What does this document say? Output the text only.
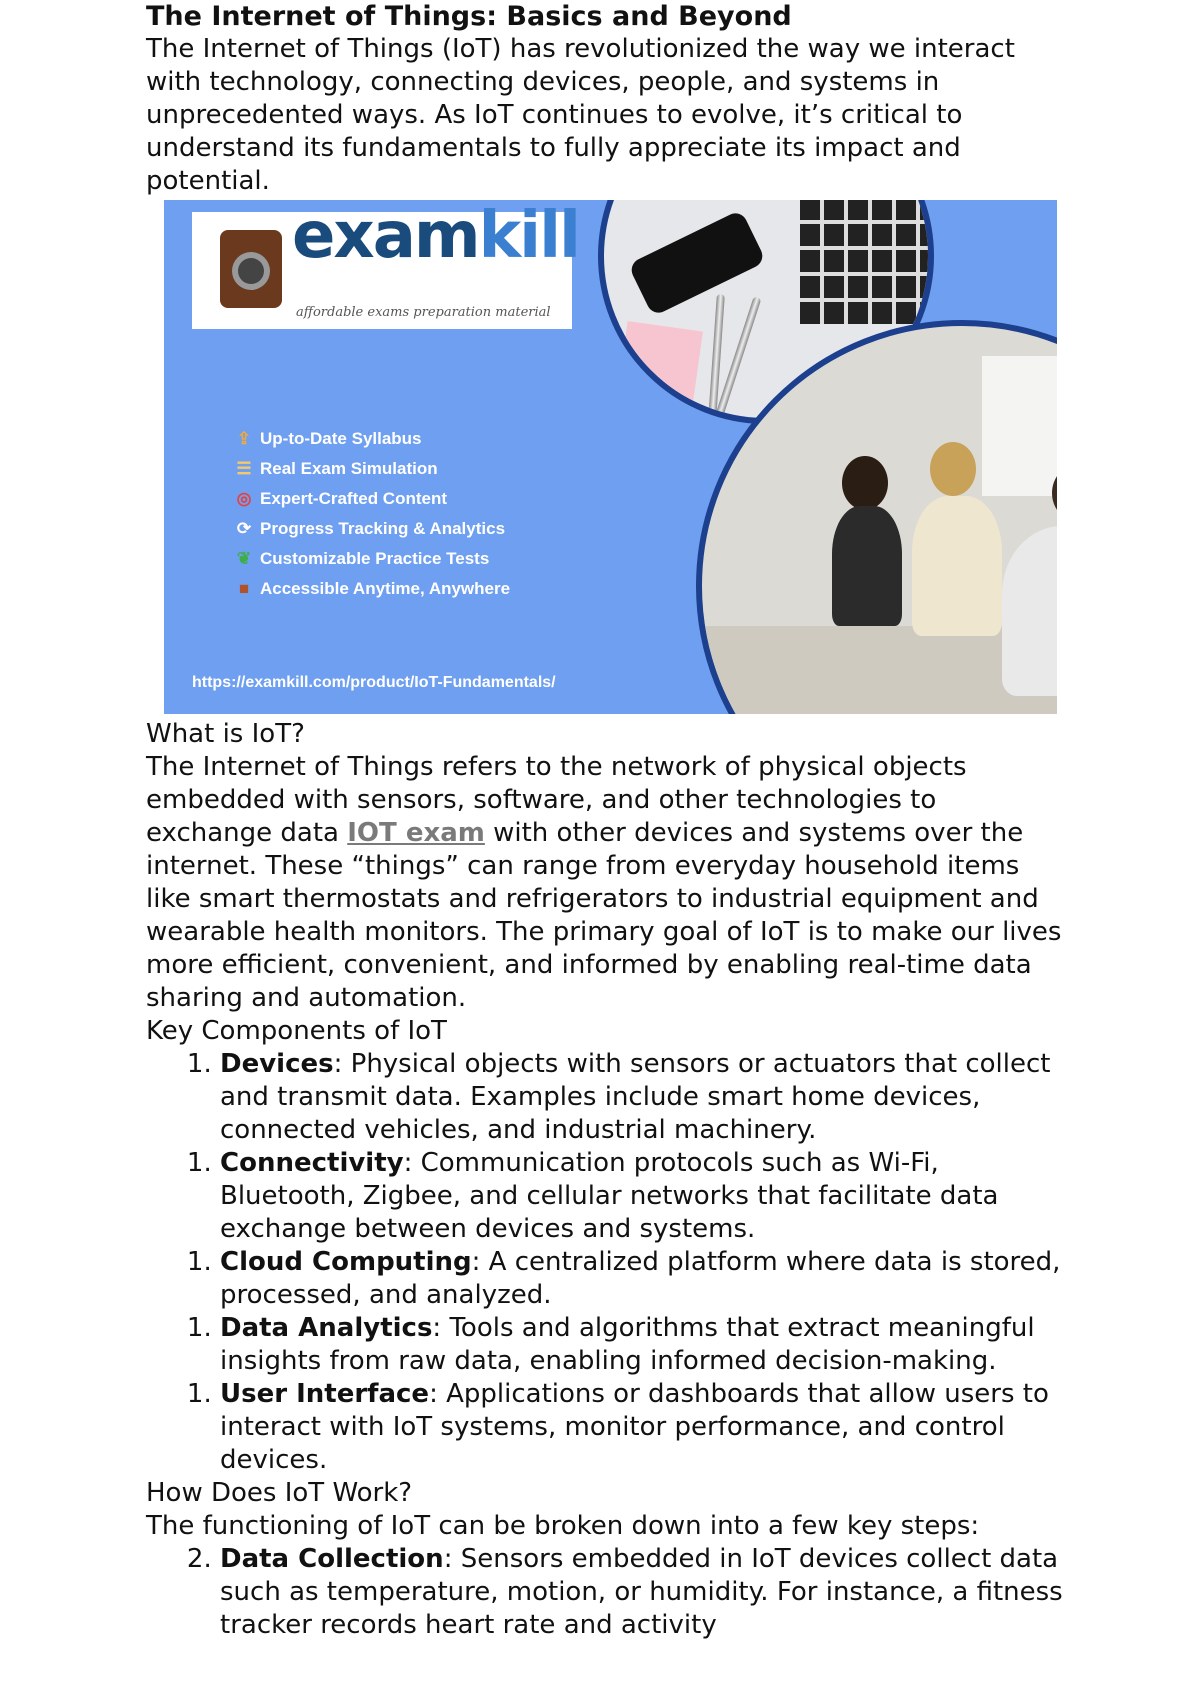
The Internet of Things: Basics and Beyond

The Internet of Things (IoT) has revolutionized the way we interact with technology, connecting devices, people, and systems in unprecedented ways. As IoT continues to evolve, it’s critical to understand its fundamentals to fully appreciate its impact and potential.

examkill
affordable exams preparation material
⇪ Up-to-Date Syllabus
☰ Real Exam Simulation
◎ Expert-Crafted Content
⟳ Progress Tracking & Analytics
❦ Customizable Practice Tests
■ Accessible Anytime, Anywhere
https://examkill.com/product/IoT-Fundamentals/

What is IoT?

The Internet of Things refers to the network of physical objects embedded with sensors, software, and other technologies to exchange data IOT exam with other devices and systems over the internet. These “things” can range from everyday household items like smart thermostats and refrigerators to industrial equipment and wearable health monitors. The primary goal of IoT is to make our lives more efficient, convenient, and informed by enabling real-time data sharing and automation.

Key Components of IoT

1. Devices: Physical objects with sensors or actuators that collect and transmit data. Examples include smart home devices, connected vehicles, and industrial machinery.
1. Connectivity: Communication protocols such as Wi-Fi, Bluetooth, Zigbee, and cellular networks that facilitate data exchange between devices and systems.
1. Cloud Computing: A centralized platform where data is stored, processed, and analyzed.
1. Data Analytics: Tools and algorithms that extract meaningful insights from raw data, enabling informed decision-making.
1. User Interface: Applications or dashboards that allow users to interact with IoT systems, monitor performance, and control devices.

How Does IoT Work?

The functioning of IoT can be broken down into a few key steps:

2. Data Collection: Sensors embedded in IoT devices collect data such as temperature, motion, or humidity. For instance, a fitness tracker records heart rate and activity
